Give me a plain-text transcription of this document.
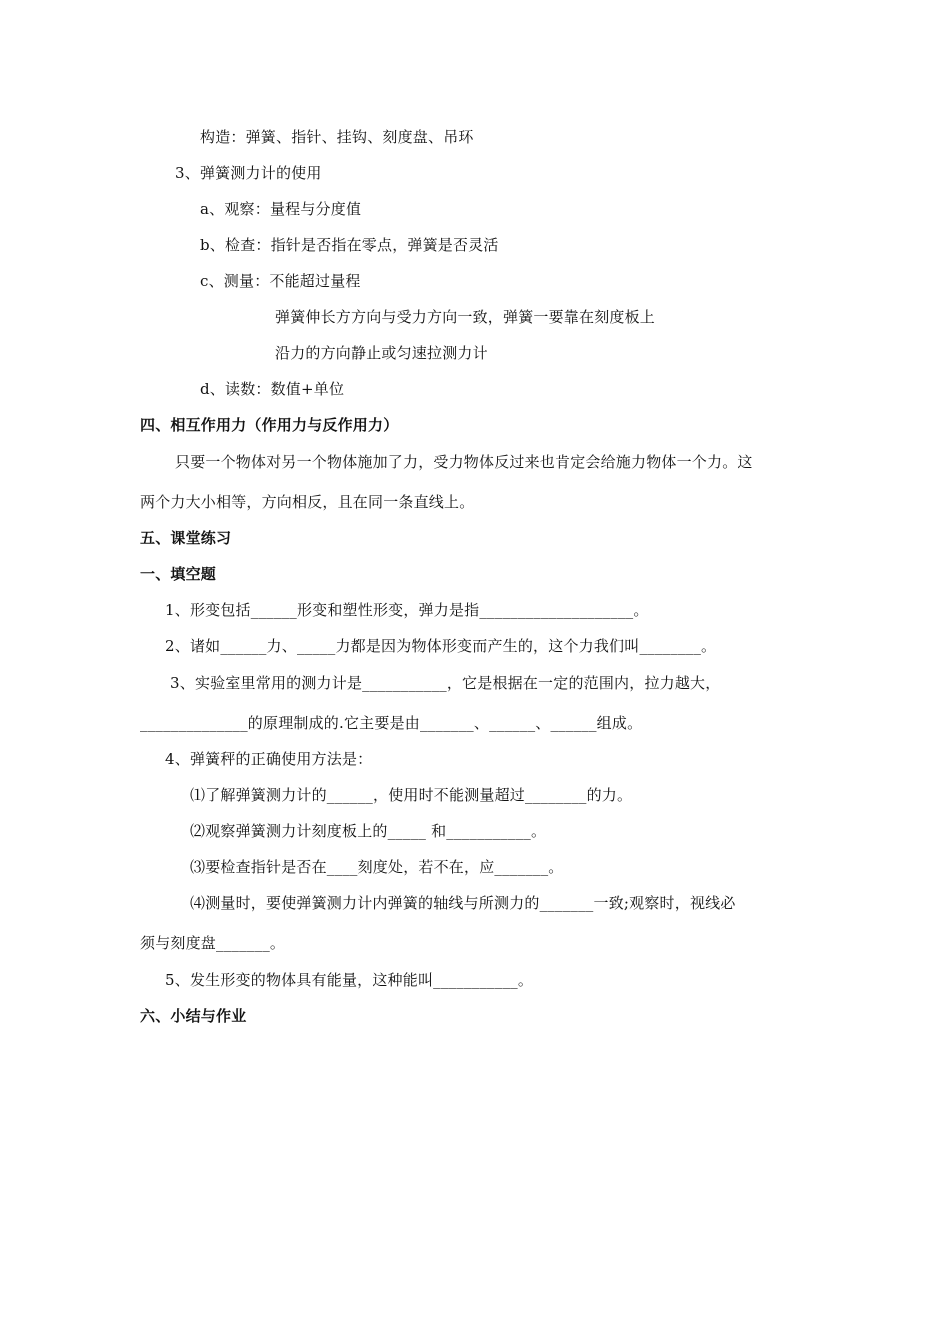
构造：弹簧、指针、挂钩、刻度盘、吊环
3、弹簧测力计的使用
a、观察：量程与分度值
b、检查：指针是否指在零点，弹簧是否灵活
c、测量：不能超过量程
弹簧伸长方方向与受力方向一致，弹簧一要靠在刻度板上
沿力的方向静止或匀速拉测力计
d、读数：数值+单位
四、相互作用力（作用力与反作用力）
只要一个物体对另一个物体施加了力，受力物体反过来也肯定会给施力物体一个力。这
两个力大小相等，方向相反，且在同一条直线上。
五、课堂练习
一、填空题
1、形变包括______形变和塑性形变，弹力是指____________________。
2、诸如______力、_____力都是因为物体形变而产生的，这个力我们叫________。
3、实验室里常用的测力计是___________，它是根据在一定的范围内，拉力越大，
______________的原理制成的.它主要是由_______、______、______组成。
4、弹簧秤的正确使用方法是：
⑴了解弹簧测力计的______，使用时不能测量超过________的力。
⑵观察弹簧测力计刻度板上的_____ 和___________。
⑶要检查指针是否在____刻度处，若不在，应_______。
⑷测量时，要使弹簧测力计内弹簧的轴线与所测力的_______一致;观察时，视线必
须与刻度盘_______。
5、发生形变的物体具有能量，这种能叫___________。
六、小结与作业
